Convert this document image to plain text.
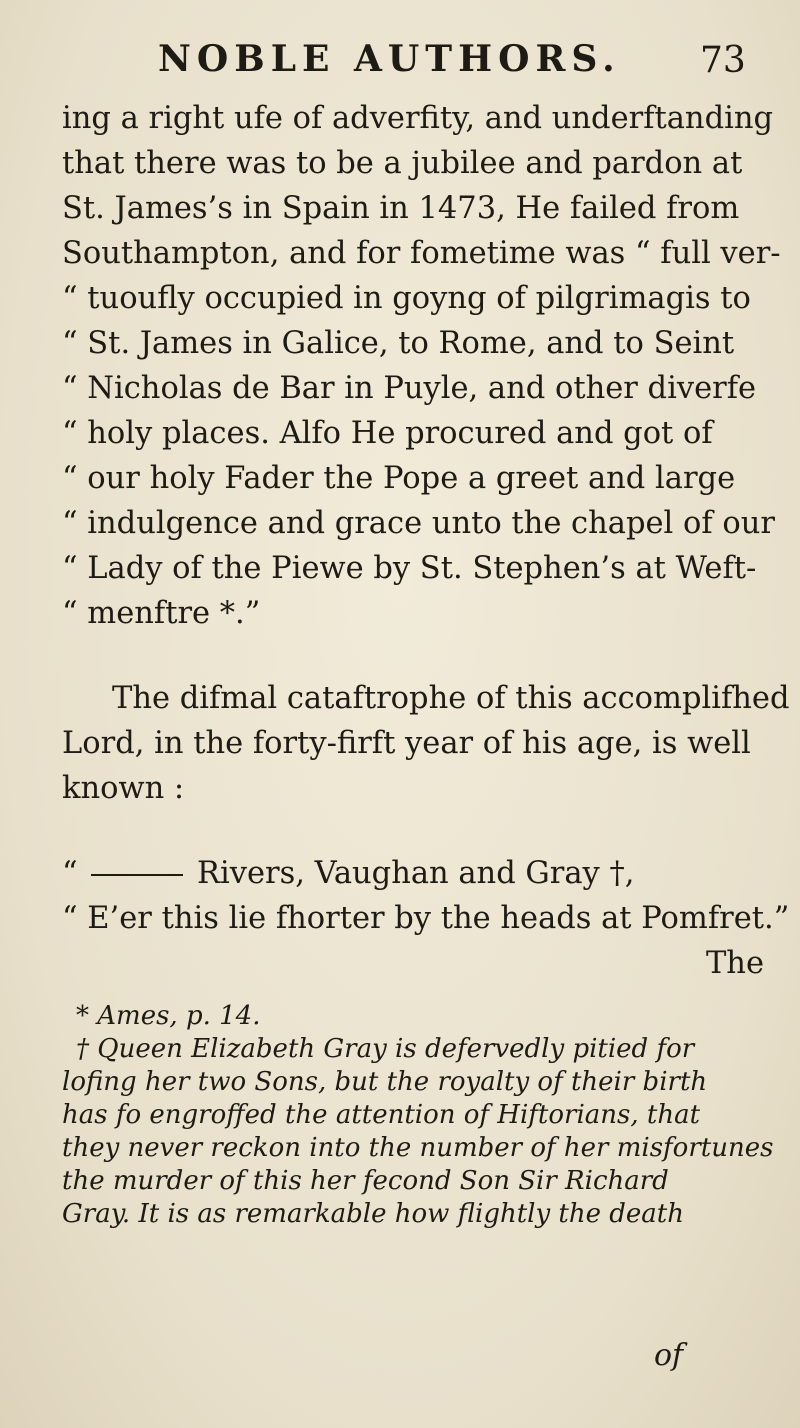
NOBLE AUTHORS. 73
ing a right ufe of adverfity, and underftanding
that there was to be a jubilee and pardon at
St. James’s in Spain in 1473, He failed from
Southampton, and for fometime was “ full ver-
“ tuoufly occupied in goyng of pilgrimagis to
“ St. James in Galice, to Rome, and to Seint
“ Nicholas de Bar in Puyle, and other diverfe
“ holy places. Alfo He procured and got of
“ our holy Fader the Pope a greet and large
“ indulgence and grace unto the chapel of our
“ Lady of the Piewe by St. Stephen’s at Weft-
“ menftre *.”
The difmal cataftrophe of this accomplifhed
Lord, in the forty-firft year of his age, is well
known :
“	Rivers, Vaughan and Gray †,
“ E’er this lie fhorter by the heads at Pomfret.”
The
* Ames, p. 14.
† Queen Elizabeth Gray is defervedly pitied for
lofing her two Sons, but the royalty of their birth
has fo engroffed the attention of Hiftorians, that
they never reckon into the number of her misfortunes
the murder of this her fecond Son Sir Richard
Gray. It is as remarkable how flightly the death
of
